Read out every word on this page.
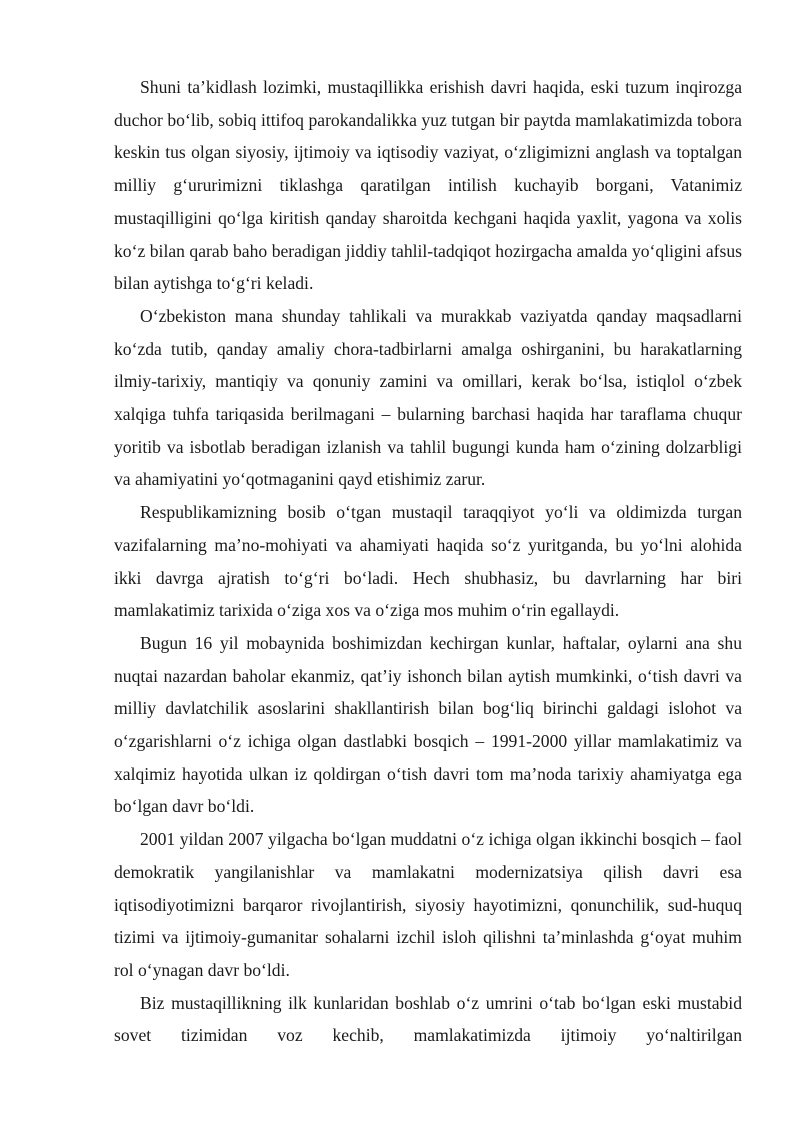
Shuni ta’kidlash lozimki, mustaqillikka erishish davri haqida, eski tuzum inqirozga duchor bo‘lib, sobiq ittifoq parokandalikka yuz tutgan bir paytda mamlakatimizda tobora keskin tus olgan siyosiy, ijtimoiy va iqtisodiy vaziyat, o‘zligimizni anglash va toptalgan milliy g‘ururimizni tiklashga qaratilgan intilish kuchayib borgani, Vatanimiz mustaqilligini qo‘lga kiritish qanday sharoitda kechgani haqida yaxlit, yagona va xolis ko‘z bilan qarab baho beradigan jiddiy tahlil-tadqiqot hozirgacha amalda yo‘qligini afsus bilan aytishga to‘g‘ri keladi.

O‘zbekiston mana shunday tahlikali va murakkab vaziyatda qanday maqsadlarni ko‘zda tutib, qanday amaliy chora-tadbirlarni amalga oshirganini, bu harakatlarning ilmiy-tarixiy, mantiqiy va qonuniy zamini va omillari, kerak bo‘lsa, istiqlol o‘zbek xalqiga tuhfa tariqasida berilmagani – bularning barchasi haqida har taraflama chuqur yoritib va isbotlab beradigan izlanish va tahlil bugungi kunda ham o‘zining dolzarbligi va ahamiyatini yo‘qotmaganini qayd etishimiz zarur.

Respublikamizning bosib o‘tgan mustaqil taraqqiyot yo‘li va oldimizda turgan vazifalarning ma’no-mohiyati va ahamiyati haqida so‘z yuritganda, bu yo‘lni alohida ikki davrga ajratish to‘g‘ri bo‘ladi. Hech shubhasiz, bu davrlarning har biri mamlakatimiz tarixida o‘ziga xos va o‘ziga mos muhim o‘rin egallaydi.

Bugun 16 yil mobaynida boshimizdan kechirgan kunlar, haftalar, oylarni ana shu nuqtai nazardan baholar ekanmiz, qat’iy ishonch bilan aytish mumkinki, o‘tish davri va milliy davlatchilik asoslarini shakllantirish bilan bog‘liq birinchi galdagi islohot va o‘zgarishlarni o‘z ichiga olgan dastlabki bosqich – 1991-2000 yillar mamlakatimiz va xalqimiz hayotida ulkan iz qoldirgan o‘tish davri tom ma’noda tarixiy ahamiyatga ega bo‘lgan davr bo‘ldi.

2001 yildan 2007 yilgacha bo‘lgan muddatni o‘z ichiga olgan ikkinchi bosqich – faol demokratik yangilanishlar va mamlakatni modernizatsiya qilish davri esa iqtisodiyotimizni barqaror rivojlantirish, siyosiy hayotimizni, qonunchilik, sud-huquq tizimi va ijtimoiy-gumanitar sohalarni izchil isloh qilishni ta’minlashda g‘oyat muhim rol o‘ynagan davr bo‘ldi.

Biz mustaqillikning ilk kunlaridan boshlab o‘z umrini o‘tab bo‘lgan eski mustabid sovet tizimidan voz kechib, mamlakatimizda ijtimoiy yo‘naltirilgan
